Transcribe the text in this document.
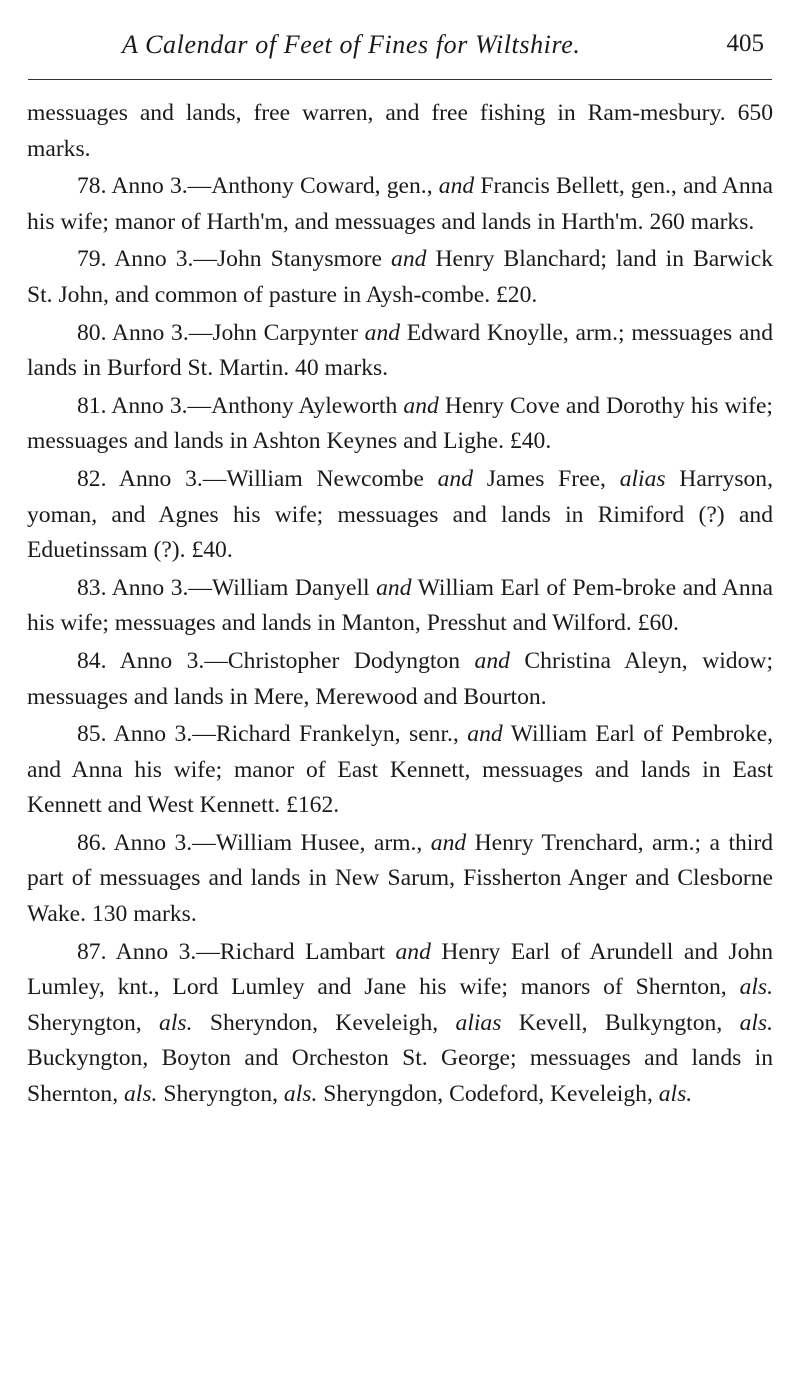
A Calendar of Feet of Fines for Wiltshire.	405

messuages and lands, free warren, and free fishing in Ram-mesbury. 650 marks.

78. Anno 3.—Anthony Coward, gen., and Francis Bellett, gen., and Anna his wife; manor of Harth'm, and messuages and lands in Harth'm. 260 marks.

79. Anno 3.—John Stanysmore and Henry Blanchard; land in Barwick St. John, and common of pasture in Aysh-combe. £20.

80. Anno 3.—John Carpynter and Edward Knoylle, arm.; messuages and lands in Burford St. Martin. 40 marks.

81. Anno 3.—Anthony Ayleworth and Henry Cove and Dorothy his wife; messuages and lands in Ashton Keynes and Lighe. £40.

82. Anno 3.—William Newcombe and James Free, alias Harryson, yoman, and Agnes his wife; messuages and lands in Rimiford (?) and Eduetinssam (?). £40.

83. Anno 3.—William Danyell and William Earl of Pem-broke and Anna his wife; messuages and lands in Manton, Presshut and Wilford. £60.

84. Anno 3.—Christopher Dodyngton and Christina Aleyn, widow; messuages and lands in Mere, Merewood and Bourton.

85. Anno 3.—Richard Frankelyn, senr., and William Earl of Pembroke, and Anna his wife; manor of East Kennett, messuages and lands in East Kennett and West Kennett. £162.

86. Anno 3.—William Husee, arm., and Henry Trenchard, arm.; a third part of messuages and lands in New Sarum, Fissherton Anger and Clesborne Wake. 130 marks.

87. Anno 3.—Richard Lambart and Henry Earl of Arundell and John Lumley, knt., Lord Lumley and Jane his wife; manors of Shernton, als. Sheryngton, als. Sheryndon, Keveleigh, alias Kevell, Bulkyngton, als. Buckyngton, Boyton and Orcheston St. George; messuages and lands in Shernton, als. Sheryngton, als. Sheryngdon, Codeford, Keveleigh, als.
